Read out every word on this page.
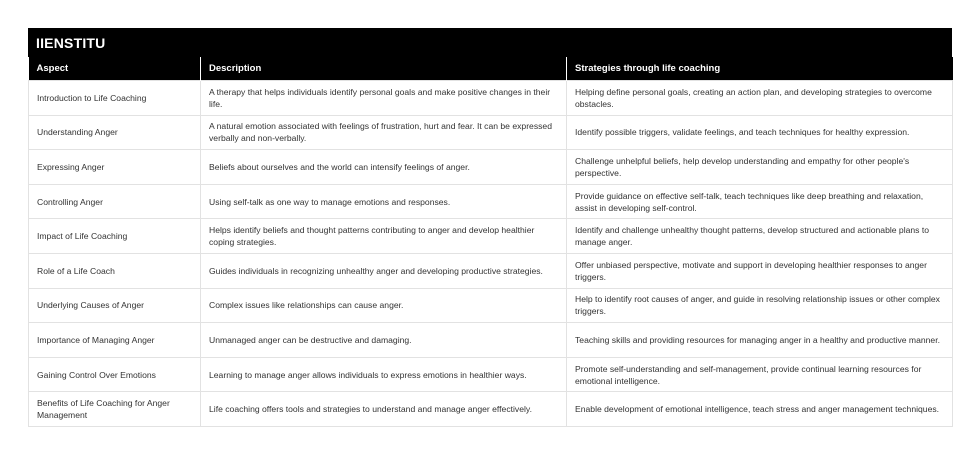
IIENSTITU
Aspect	Description	Strategies through life coaching
Introduction to Life Coaching	A therapy that helps individuals identify personal goals and make positive changes in their life.	Helping define personal goals, creating an action plan, and developing strategies to overcome obstacles.
Understanding Anger	A natural emotion associated with feelings of frustration, hurt and fear. It can be expressed verbally and non-verbally.	Identify possible triggers, validate feelings, and teach techniques for healthy expression.
Expressing Anger	Beliefs about ourselves and the world can intensify feelings of anger.	Challenge unhelpful beliefs, help develop understanding and empathy for other people's perspective.
Controlling Anger	Using self-talk as one way to manage emotions and responses.	Provide guidance on effective self-talk, teach techniques like deep breathing and relaxation, assist in developing self-control.
Impact of Life Coaching	Helps identify beliefs and thought patterns contributing to anger and develop healthier coping strategies.	Identify and challenge unhealthy thought patterns, develop structured and actionable plans to manage anger.
Role of a Life Coach	Guides individuals in recognizing unhealthy anger and developing productive strategies.	Offer unbiased perspective, motivate and support in developing healthier responses to anger triggers.
Underlying Causes of Anger	Complex issues like relationships can cause anger.	Help to identify root causes of anger, and guide in resolving relationship issues or other complex triggers.
Importance of Managing Anger	Unmanaged anger can be destructive and damaging.	Teaching skills and providing resources for managing anger in a healthy and productive manner.
Gaining Control Over Emotions	Learning to manage anger allows individuals to express emotions in healthier ways.	Promote self-understanding and self-management, provide continual learning resources for emotional intelligence.
Benefits of Life Coaching for Anger Management	Life coaching offers tools and strategies to understand and manage anger effectively.	Enable development of emotional intelligence, teach stress and anger management techniques.
